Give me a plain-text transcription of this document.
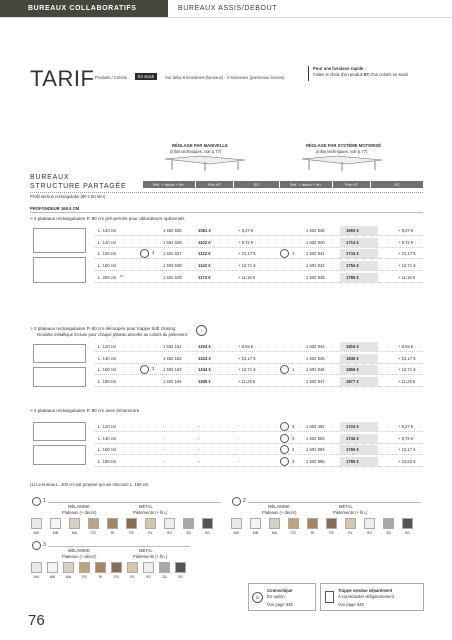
BUREAUX COLLABORATIFS	BUREAUX ASSIS/DEBOUT
TARIF Produits / Coloris	En stock	Sur délai 6 semaines (bureaux) - 4 semaines (panneaux écrans)
Pour une livraison rapide :
Faites le choix d'un produit ET d'un coloris en stock
RÉGLAGE PAR MANIVELLE
(infos techniques, voir p.77)
RÉGLAGE PAR SYSTÈME MOTORISÉ
(infos techniques, voir p.77)
BUREAUX
STRUCTURE PARTAGÉE	Réf. + décor + fin.	Prix HT	EC	Réf. + décor + fin.	Prix HT	EC
Profil section rectangulaire (80 x 50 mm)
PROFONDEUR 166,5 CM
> 2 plateaux rectangulaires P. 80 cm pré-percés pour obturateurs optionnels
3
L. 120 cm	1 502 625	1081 €	+ 8,27 €	1 502 839	1693 €	+ 9,27 €
L. 140 cm	1 502 626	1102 €	+ 9,72 €	1 502 840	1714 €	+ 9,72 €
L. 160 cm	1 502 627	1122 €	+ 10,17 €	1	1 502 841	1734 €	+ 10,17 €
L. 180 cm	1 502 628	1142 €	+ 10,71 €	1 502 842	1754 €	+ 10,71 €
L. 200 cm (1)	1 502 629	1173 €	+ 11,16 €	1 502 843	1785 €	+ 11,16 €
> 2 plateaux rectangulaires P. 80 cm découpés pour trappe Soft closing.
Goulotte métallique incluse pour chaque plateau assortie au coloris du piétement.
!
3
L. 120 cm	1 502 161	1204 €	+ 9,63 €	1 502 844	1816 €	+ 9,63 €
L. 140 cm	1 502 162	1224 €	+ 10,17 €	1 502 845	1836 €	+ 10,17 €
L. 160 cm	1 502 163	1244 €	+ 10,71 €	1	1 502 846	1856 €	+ 10,71 €
L. 180 cm	1 502 164	1265 €	+ 11,25 €	1 502 847	1877 €	+ 11,25 €
> 2 plateaux rectangulaires P. 80 cm avec échancrure
L. 120 cm	-	-	-	3	1 502 492	1724 €	+ 9,27 €
L. 140 cm	-	-	-	2	1 502 893	1744 €	+ 9,72 €
L. 160 cm	-	-	-	2	1 502 894	1765 €	+ 10,17 €
L. 180 cm	-	-	-	3	1 502 895	1785 €	+ 10,62 €
(1) Le bureau L. 200 cm est proposé qu'une structure L. 180 cm.
1
MÉLAMINE
Plateaux (+ décor)
MÉTAL
Piètements (+ fin.)
MG	MB	MA	R2	RI	R3	RL	SO	ZA	SG
2
MÉLAMINE
Plateaux (+ décor)
MÉTAL
Piètements (+ fin.)
MG	MB	MA	R2	RI	R3	RL	SO	ZA	SG
3
MÉLAMINE
Plateaux (+ décor)
MÉTAL
Piètements (+ fin.)
MG	MB	MA	R2	RI	R3	RL	SO	ZA	SG
⏻
Connectique
En option
Voir page 345
Trappe vendue séparément
À commander obligatoirement
Voir page 345
76
